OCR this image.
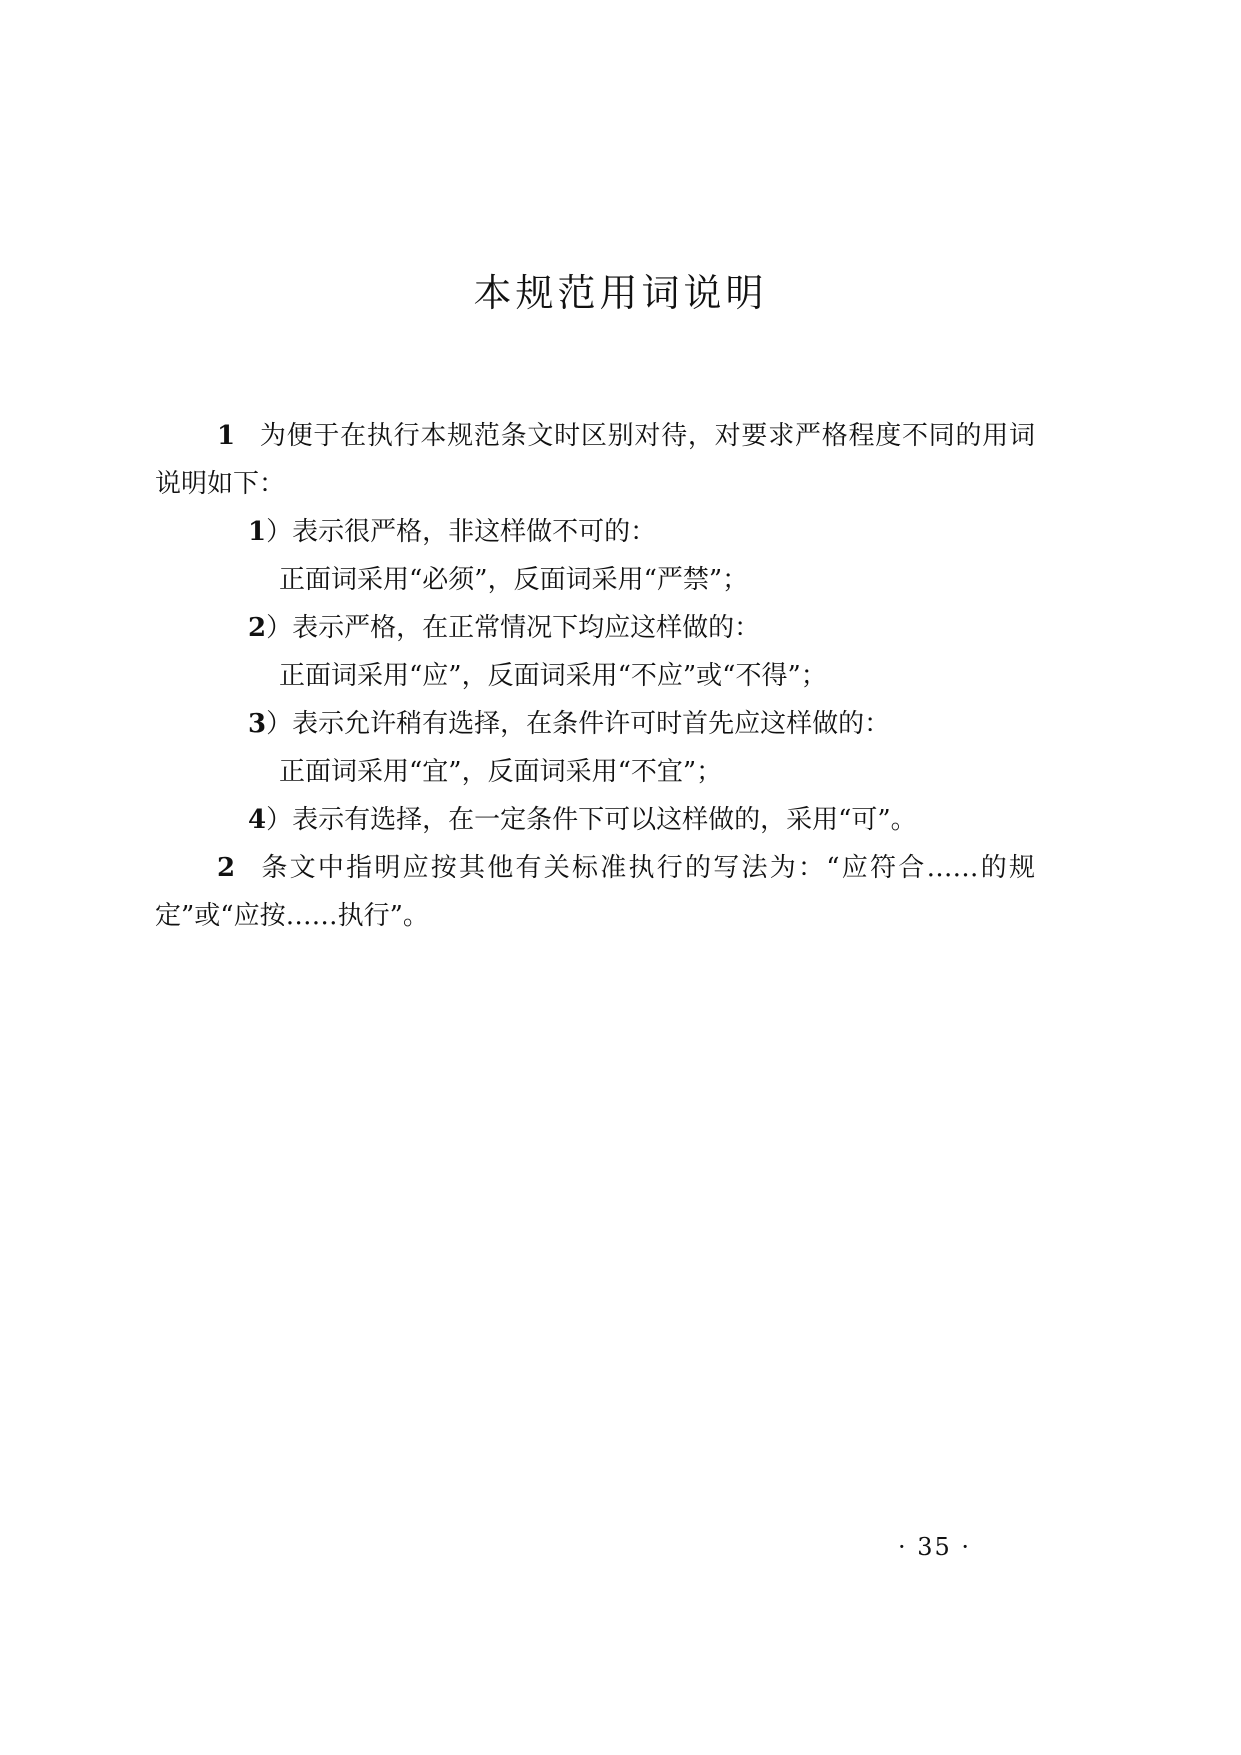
本规范用词说明

1 为便于在执行本规范条文时区别对待，对要求严格程度不同的用词说明如下：

1）表示很严格，非这样做不可的：

正面词采用“必须”，反面词采用“严禁”；

2）表示严格，在正常情况下均应这样做的：

正面词采用“应”，反面词采用“不应”或“不得”；

3）表示允许稍有选择，在条件许可时首先应这样做的：

正面词采用“宜”，反面词采用“不宜”；

4）表示有选择，在一定条件下可以这样做的，采用“可”。

2 条文中指明应按其他有关标准执行的写法为：“应符合……的规定”或“应按……执行”。

· 35 ·
